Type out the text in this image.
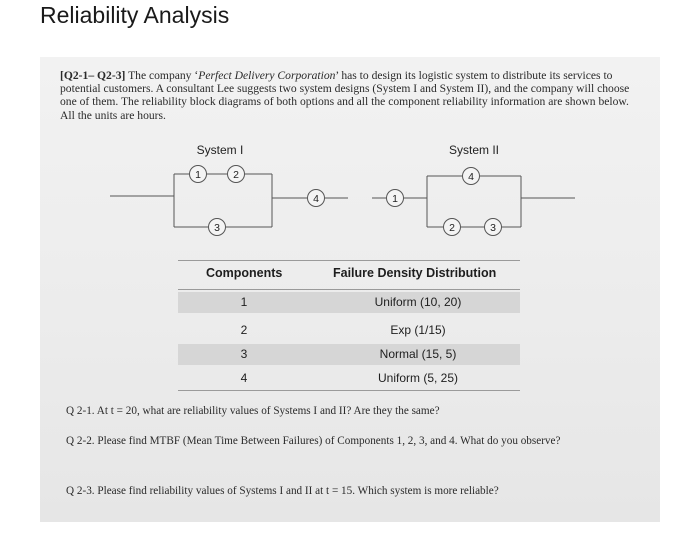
Reliability Analysis
[Q2-1– Q2-3] The company ‘Perfect Delivery Corporation’ has to design its logistic system to distribute its services to potential customers. A consultant Lee suggests two system designs (System I and System II), and the company will choose one of them. The reliability block diagrams of both options and all the component reliability information are shown below. All the units are hours.
1	2
3
4	1
4
2	3
System I	System II
Components	Failure Density Distribution
1	Uniform (10, 20)
2	Exp (1/15)
3	Normal (15, 5)
4	Uniform (5, 25)
Q 2-1. At t = 20, what are reliability values of Systems I and II? Are they the same?
Q 2-2. Please find MTBF (Mean Time Between Failures) of Components 1, 2, 3, and 4. What do you observe?
Q 2-3. Please find reliability values of Systems I and II at t = 15. Which system is more reliable?
